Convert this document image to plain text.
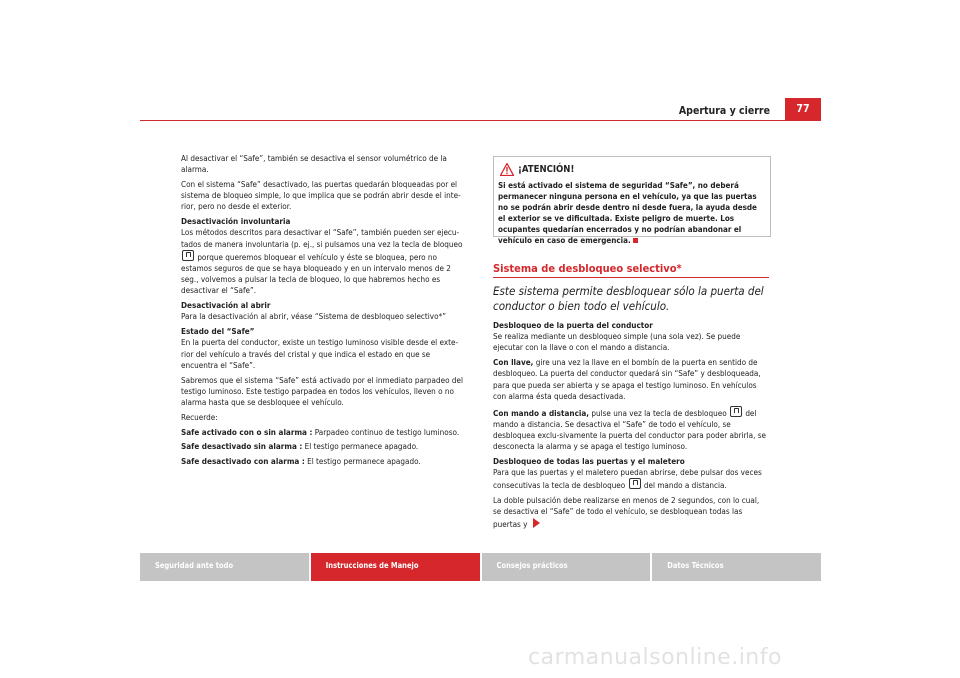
Apertura y cierre	77

Al desactivar el “Safe”, también se desactiva el sensor volumétrico de la alarma.

Con el sistema “Safe” desactivado, las puertas quedarán bloqueadas por el sistema de bloqueo simple, lo que implica que se podrán abrir desde el inte-rior, pero no desde el exterior.

Desactivación involuntaria

Los métodos descritos para desactivar el “Safe”, también pueden ser ejecu-tados de manera involuntaria (p. ej., si pulsamos una vez la tecla de bloqueo  porque queremos bloquear el vehículo y éste se bloquea, pero no estamos seguros de que se haya bloqueado y en un intervalo menos de 2 seg., volvemos a pulsar la tecla de bloqueo, lo que habremos hecho es desactivar el “Safe”.

Desactivación al abrir

Para la desactivación al abrir, véase “Sistema de desbloqueo selectivo*”

Estado del “Safe”

En la puerta del conductor, existe un testigo luminoso visible desde el exte-rior del vehículo a través del cristal y que indica el estado en que se encuentra el “Safe”.

Sabremos que el sistema “Safe” está activado por el inmediato parpadeo del testigo luminoso. Este testigo parpadea en todos los vehículos, lleven o no alarma hasta que se desbloquee el vehículo.

Recuerde:

Safe activado con o sin alarma : Parpadeo continuo de testigo luminoso.

Safe desactivado sin alarma : El testigo permanece apagado.

Safe desactivado con alarma : El testigo permanece apagado.

¡ATENCIÓN!
Si está activado el sistema de seguridad “Safe”, no deberá permanecer ninguna persona en el vehículo, ya que las puertas no se podrán abrir desde dentro ni desde fuera, la ayuda desde el exterior se ve dificultada. Existe peligro de muerte. Los ocupantes quedarían encerrados y no podrían abandonar el vehículo en caso de emergencia.
Sistema de desbloqueo selectivo*
Este sistema permite desbloquear sólo la puerta del conductor o bien todo el vehículo.
Desbloqueo de la puerta del conductor

Se realiza mediante un desbloqueo simple (una sola vez). Se puede ejecutar con la llave o con el mando a distancia.

Con llave, gire una vez la llave en el bombín de la puerta en sentido de desbloqueo. La puerta del conductor quedará sin “Safe” y desbloqueada, para que pueda ser abierta y se apaga el testigo luminoso. En vehículos con alarma ésta queda desactivada.

Con mando a distancia, pulse una vez la tecla de desbloqueo del mando a distancia. Se desactiva el “Safe” de todo el vehículo, se desbloquea exclu-sivamente la puerta del conductor para poder abrirla, se desconecta la alarma y se apaga el testigo luminoso.

Desbloqueo de todas las puertas y el maletero

Para que las puertas y el maletero puedan abrirse, debe pulsar dos veces consecutivas la tecla de desbloqueo del mando a distancia.

La doble pulsación debe realizarse en menos de 2 segundos, con lo cual, se desactiva el “Safe” de todo el vehículo, se desbloquean todas las puertas y

Seguridad ante todo	Instrucciones de Manejo	Consejos prácticos	Datos Técnicos
carmanualsonline.info
